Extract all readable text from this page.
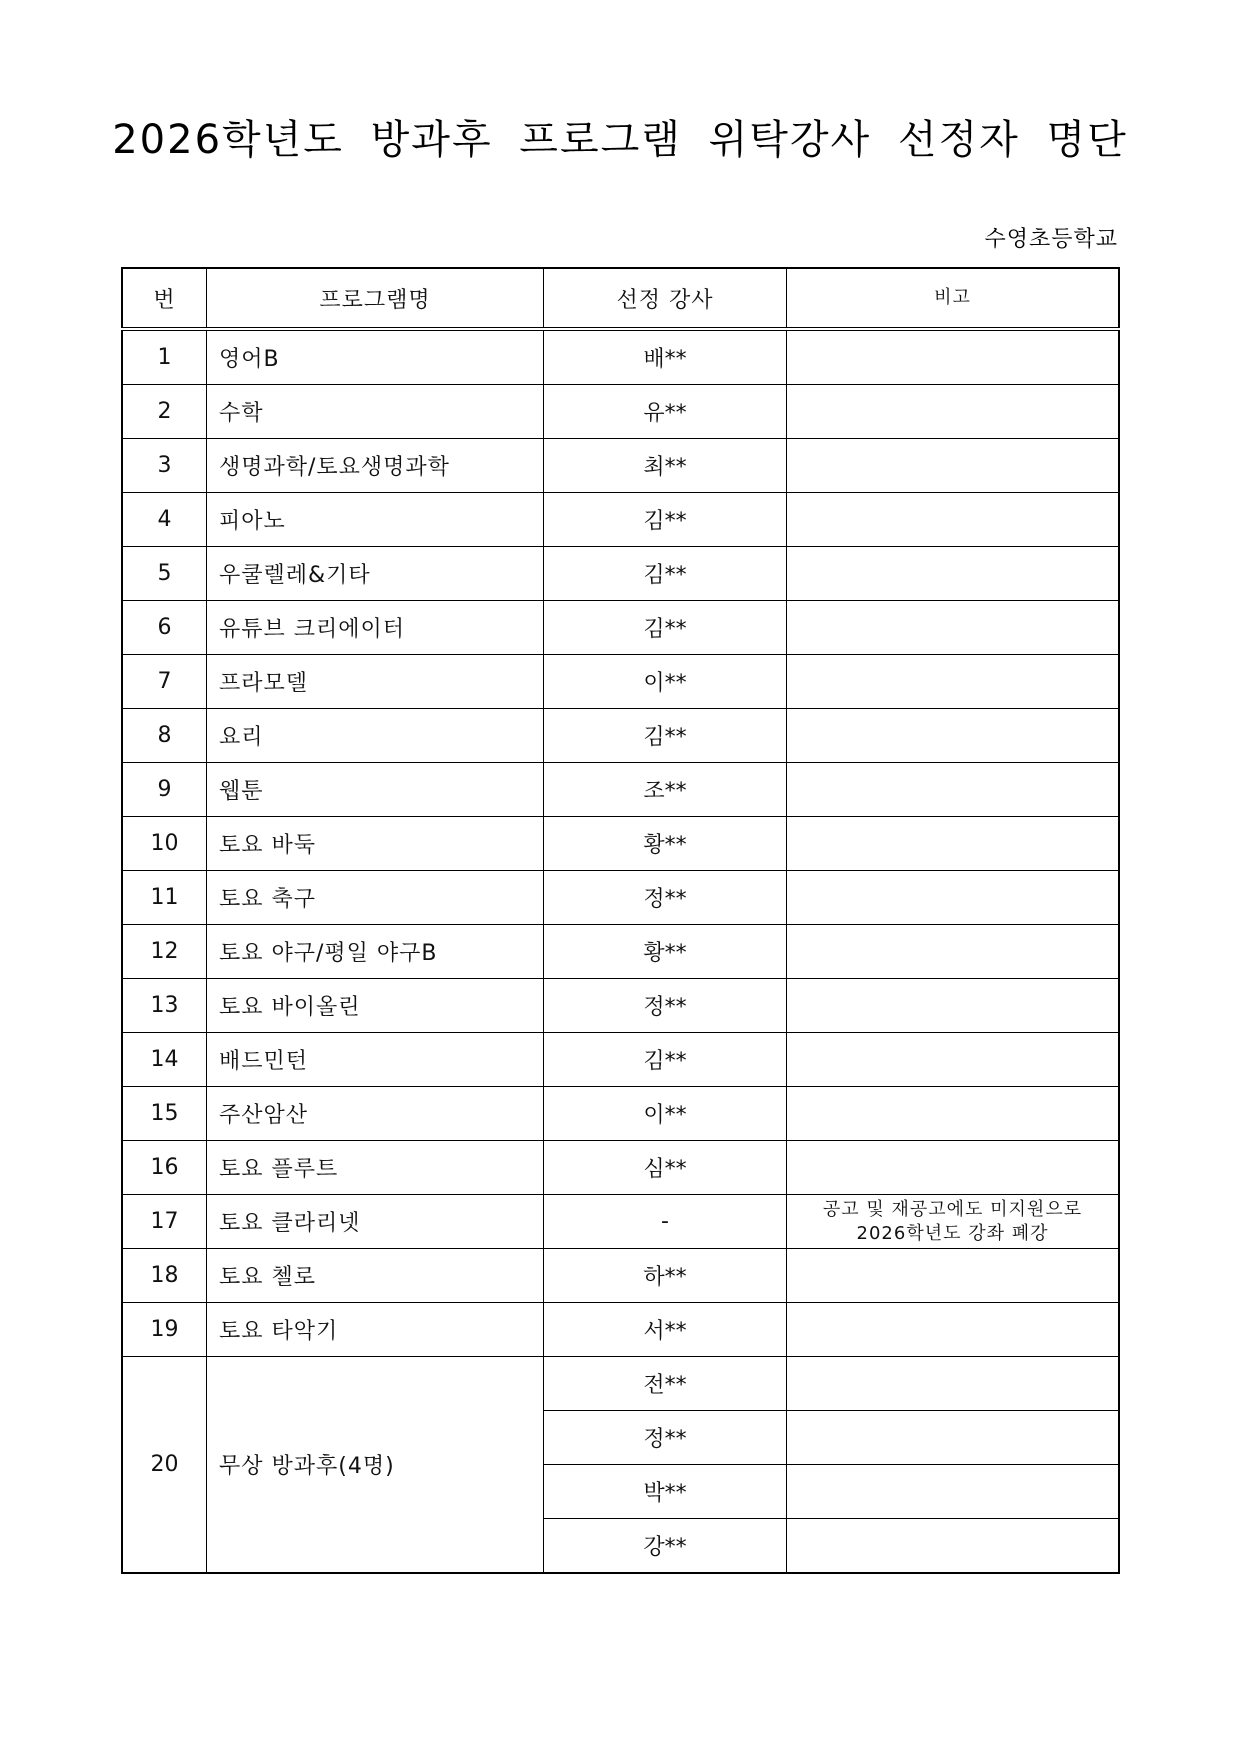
2026학년도 방과후 프로그램 위탁강사 선정자 명단
수영초등학교
번	프로그램명	선정 강사	비고
1	영어B	배**	
2	수학	유**	
3	생명과학/토요생명과학	최**	
4	피아노	김**	
5	우쿨렐레&기타	김**	
6	유튜브 크리에이터	김**	
7	프라모델	이**	
8	요리	김**	
9	웹툰	조**	
10	토요 바둑	황**	
11	토요 축구	정**	
12	토요 야구/평일 야구B	황**	
13	토요 바이올린	정**	
14	배드민턴	김**	
15	주산암산	이**	
16	토요 플루트	심**	
17	토요 클라리넷	-	공고 및 재공고에도 미지원으로
2026학년도 강좌 폐강

18	토요 첼로	하**	
19	토요 타악기	서**	
20	무상 방과후(4명)	전**	
		정**	
		박**	
		강**	
